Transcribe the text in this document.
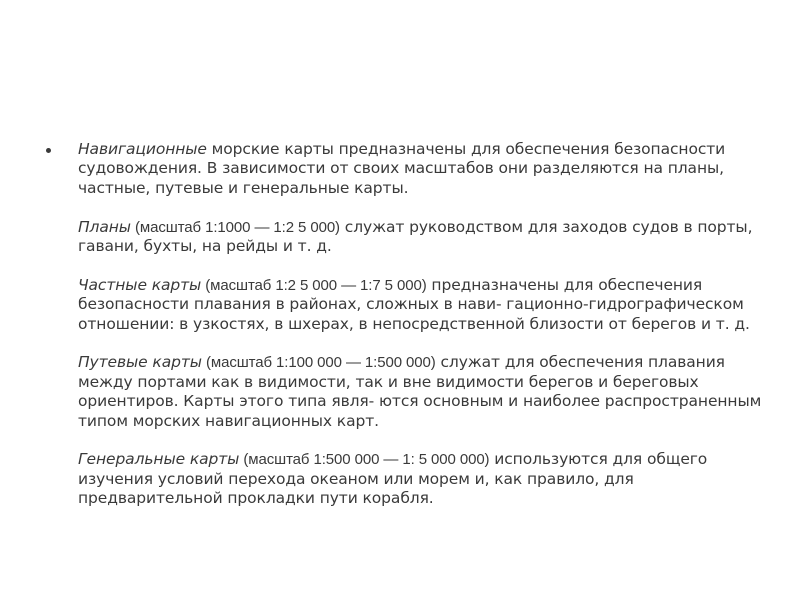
Навигационные морские карты предназначены для обеспечения безопасности судовождения. В зависимости от своих масштабов они разделяются на планы, частные, путевые и генеральные карты.

Планы (масштаб 1:1000 — 1:2 5 000) служат руководством для заходов судов в порты, гавани, бухты, на рейды и т. д.

Частные карты (масштаб 1:2 5 000 — 1:7 5 000) предназначены для обеспечения безопасности плавания в районах, сложных в нави- гационно-гидрографическом отношении: в узкостях, в шхерах, в непосредственной близости от берегов и т. д.

Путевые карты (масштаб 1:100 000 — 1:500 000) служат для обеспечения плавания между портами как в видимости, так и вне видимости берегов и береговых ориентиров. Карты этого типа явля- ются основным и наиболее распространенным типом морских навигационных карт.

Генеральные карты (масштаб 1:500 000 — 1: 5 000 000) используются для общего изучения условий перехода океаном или морем и, как правило, для предварительной прокладки пути корабля.
